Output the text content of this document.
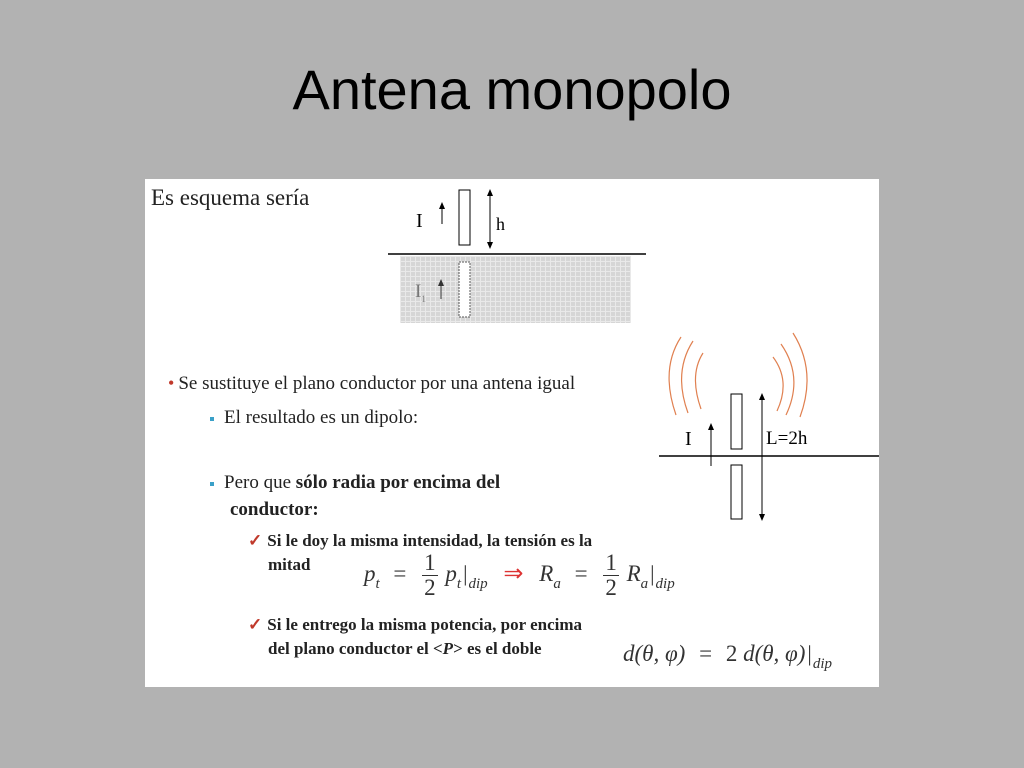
Antena monopolo
Es esquema sería
I	h
$I_1$
I	L=2h
• Se sustituye el plano conductor por una antena igual
El resultado es un dipolo:
Pero que sólo radia por encima del
conductor:
✓ Si le doy la misma intensidad, la tensión es la
mitad
✓ Si le entrego la misma potencia, por encima
del plano conductor el <P> es el doble
$p_t = \frac{1}{2} p_t|_{dip}$ ⇒ $R_a = \frac{1}{2} R_a|_{dip}$
d(θ, φ) = 2 d(θ, $\varphi)|_{dip}$
